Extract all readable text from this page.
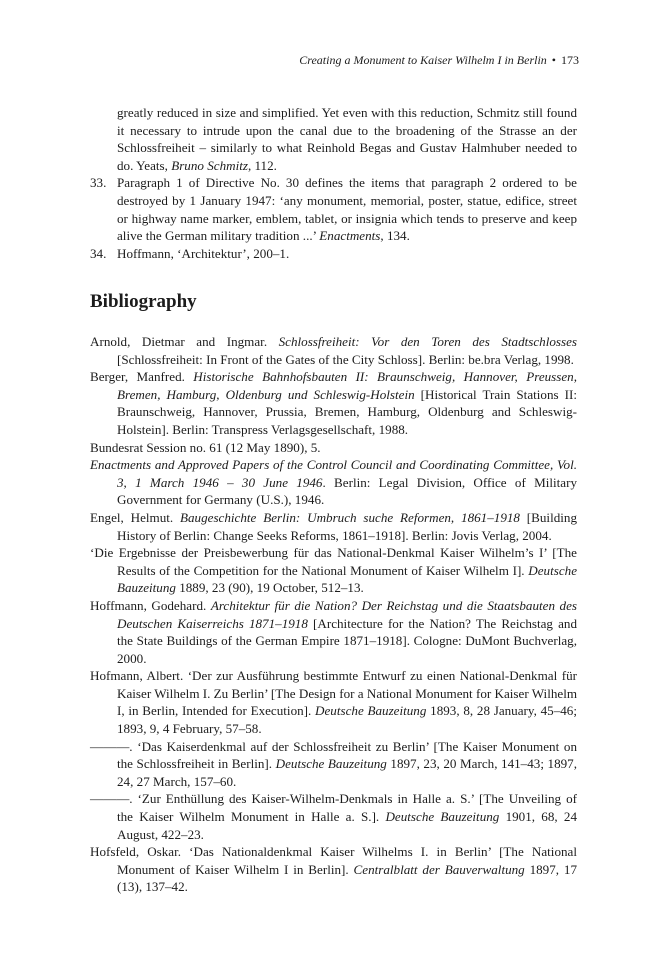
Creating a Monument to Kaiser Wilhelm I in Berlin • 173

greatly reduced in size and simplified. Yet even with this reduction, Schmitz still found it necessary to intrude upon the canal due to the broadening of the Strasse an der Schlossfreiheit – similarly to what Reinhold Begas and Gustav Halmhuber needed to do. Yeats, Bruno Schmitz, 112.

33. Paragraph 1 of Directive No. 30 defines the items that paragraph 2 ordered to be destroyed by 1 January 1947: ‘any monument, memorial, poster, statue, edifice, street or highway name marker, emblem, tablet, or insignia which tends to preserve and keep alive the German military tradition ...’ Enactments, 134.

34. Hoffmann, ‘Architektur’, 200–1.

Bibliography

Arnold, Dietmar and Ingmar. Schlossfreiheit: Vor den Toren des Stadtschlosses [Schlossfreiheit: In Front of the Gates of the City Schloss]. Berlin: be.bra Verlag, 1998.

Berger, Manfred. Historische Bahnhofsbauten II: Braunschweig, Hannover, Preussen, Bremen, Hamburg, Oldenburg und Schleswig-Holstein [Historical Train Stations II: Braunschweig, Hannover, Prussia, Bremen, Hamburg, Oldenburg and Schleswig-Holstein]. Berlin: Transpress Verlagsgesellschaft, 1988.

Bundesrat Session no. 61 (12 May 1890), 5.

Enactments and Approved Papers of the Control Council and Coordinating Committee, Vol. 3, 1 March 1946 – 30 June 1946. Berlin: Legal Division, Office of Military Government for Germany (U.S.), 1946.

Engel, Helmut. Baugeschichte Berlin: Umbruch suche Reformen, 1861–1918 [Building History of Berlin: Change Seeks Reforms, 1861–1918]. Berlin: Jovis Verlag, 2004.

‘Die Ergebnisse der Preisbewerbung für das National-Denkmal Kaiser Wilhelm’s I’ [The Results of the Competition for the National Monument of Kaiser Wilhelm I]. Deutsche Bauzeitung 1889, 23 (90), 19 October, 512–13.

Hoffmann, Godehard. Architektur für die Nation? Der Reichstag und die Staatsbauten des Deutschen Kaiserreichs 1871–1918 [Architecture for the Nation? The Reichstag and the State Buildings of the German Empire 1871–1918]. Cologne: DuMont Buchverlag, 2000.

Hofmann, Albert. ‘Der zur Ausführung bestimmte Entwurf zu einen National-Denkmal für Kaiser Wilhelm I. Zu Berlin’ [The Design for a National Monument for Kaiser Wilhelm I, in Berlin, Intended for Execution]. Deutsche Bauzeitung 1893, 8, 28 January, 45–46; 1893, 9, 4 February, 57–58.

———. ‘Das Kaiserdenkmal auf der Schlossfreiheit zu Berlin’ [The Kaiser Monument on the Schlossfreiheit in Berlin]. Deutsche Bauzeitung 1897, 23, 20 March, 141–43; 1897, 24, 27 March, 157–60.

———. ‘Zur Enthüllung des Kaiser-Wilhelm-Denkmals in Halle a. S.’ [The Unveiling of the Kaiser Wilhelm Monument in Halle a. S.]. Deutsche Bauzeitung 1901, 68, 24 August, 422–23.

Hofsfeld, Oskar. ‘Das Nationaldenkmal Kaiser Wilhelms I. in Berlin’ [The National Monument of Kaiser Wilhelm I in Berlin]. Centralblatt der Bauverwaltung 1897, 17 (13), 137–42.
